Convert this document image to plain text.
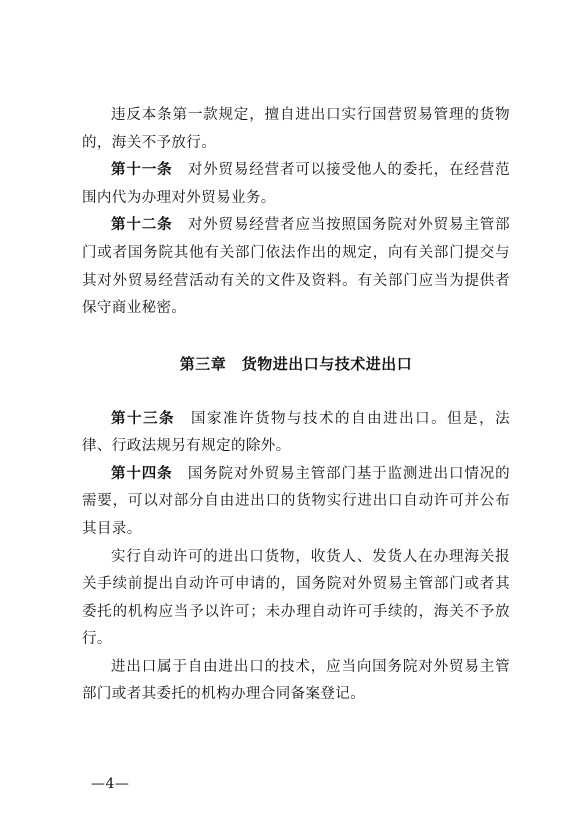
违反本条第一款规定，擅自进出口实行国营贸易管理的货物的，海关不予放行。

第十一条　 对外贸易经营者可以接受他人的委托，在经营范围内代为办理对外贸易业务。

第十二条　 对外贸易经营者应当按照国务院对外贸易主管部门或者国务院其他有关部门依法作出的规定，向有关部门提交与其对外贸易经营活动有关的文件及资料。有关部门应当为提供者保守商业秘密。

第三章　货物进出口与技术进出口

第十三条　 国家准许货物与技术的自由进出口。但是，法律、行政法规另有规定的除外。

第十四条　 国务院对外贸易主管部门基于监测进出口情况的需要，可以对部分自由进出口的货物实行进出口自动许可并公布其目录。

实行自动许可的进出口货物，收货人、发货人在办理海关报关手续前提出自动许可申请的，国务院对外贸易主管部门或者其委托的机构应当予以许可；未办理自动许可手续的，海关不予放行。

进出口属于自由进出口的技术，应当向国务院对外贸易主管部门或者其委托的机构办理合同备案登记。

—4—
